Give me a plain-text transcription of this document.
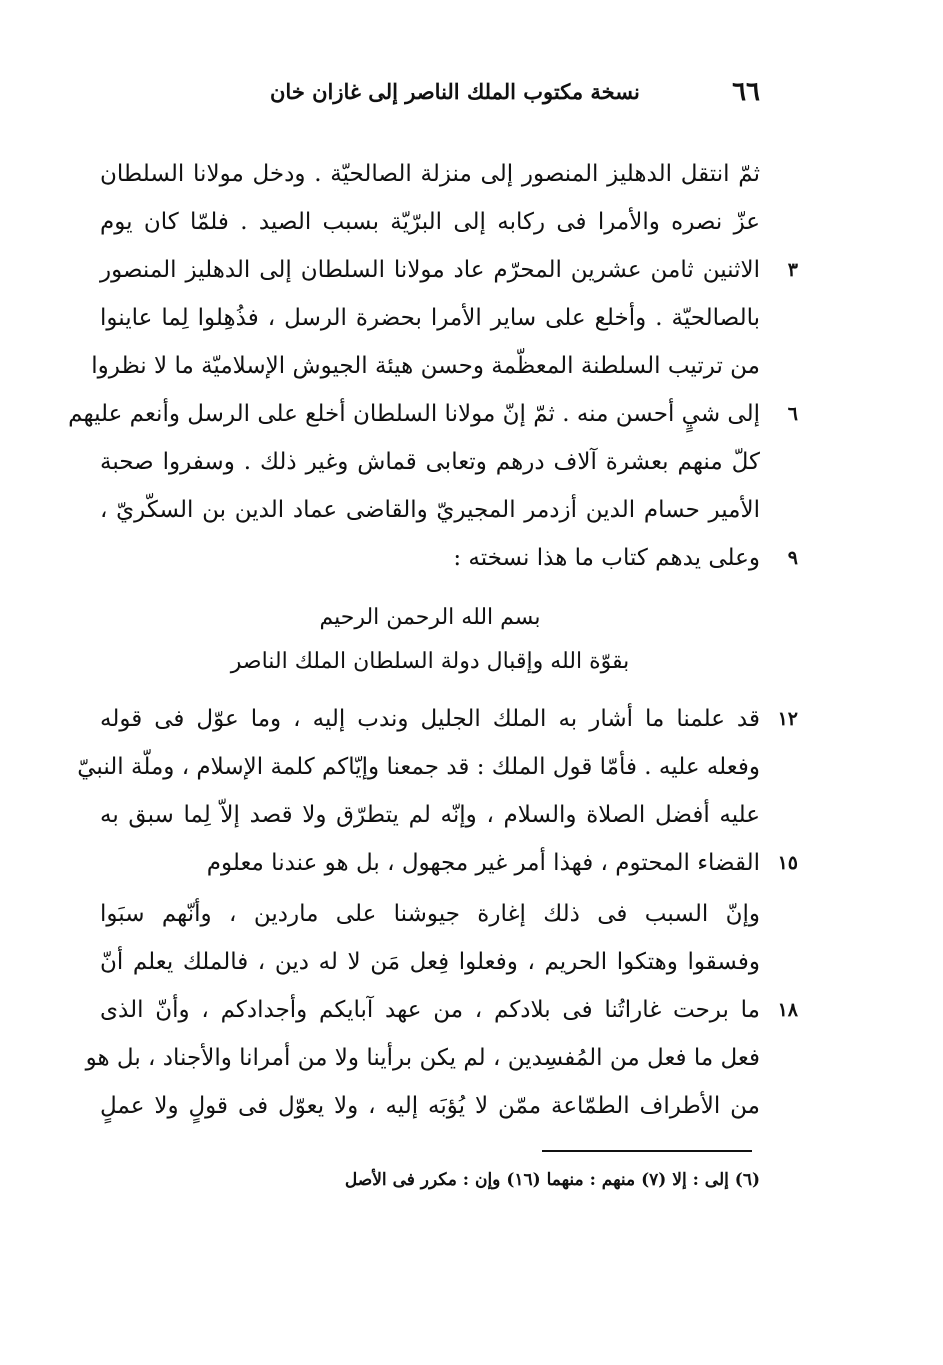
٦٦
نسخة مكتوب الملك الناصر إلى غازان خان
ثمّ انتقل الدهليز المنصور إلى منزلة الصالحيّة . ودخل مولانا السلطان
عزّ نصره والأمرا فى ركابه إلى البرّيّة بسبب الصيد . فلمّا كان يوم
٣
الاثنين ثامن عشرين المحرّم عاد مولانا السلطان إلى الدهليز المنصور
بالصالحيّة . وأخلع على ساير الأمرا بحضرة الرسل ، فذُهِلوا لِما عاينوا
من ترتيب السلطنة المعظّمة وحسن هيئة الجيوش الإسلاميّة ما لا نظروا
٦
إلى شيٍ أحسن منه . ثمّ إنّ مولانا السلطان أخلع على الرسل وأنعم عليهم
كلّ منهم بعشرة آلاف درهم وتعابى قماش وغير ذلك . وسفروا صحبة
الأمير حسام الدين أزدمر المجيريّ والقاضى عماد الدين بن السكّريّ ،
٩
وعلى يدهم كتاب ما هذا نسخته :
بسم الله الرحمن الرحيم
بقوّة الله وإقبال دولة السلطان الملك الناصر
١٢
قد علمنا ما أشار به الملك الجليل وندب إليه ، وما عوّل فى قوله
وفعله عليه . فأمّا قول الملك : قد جمعنا وإيّاكم كلمة الإسلام ، وملّة النبيّ
عليه أفضل الصلاة والسلام ، وإنّه لم يتطرّق ولا قصد إلاّ لِما سبق به
١٥
القضاء المحتوم ، فهذا أمر غير مجهول ، بل هو عندنا معلوم
وإنّ السبب فى ذلك إغارة جيوشنا على ماردين ، وأنّهم سبَوا
وفسقوا وهتكوا الحريم ، وفعلوا فِعل مَن لا له دين ، فالملك يعلم أنّ
١٨
ما برحت غاراتُنا فى بلادكم ، من عهد آبايكم وأجدادكم ، وأنّ الذى
فعل ما فعل من المُفسِدين ، لم يكن برأينا ولا من أمرانا والأجناد ، بل هو
من الأطراف الطمّاعة ممّن لا يُؤبَه إليه ، ولا يعوّل فى قولٍ ولا عملٍ
(٦) إلى : إلا (٧) منهم : منهما (١٦) وإن : مكرر فى الأصل
